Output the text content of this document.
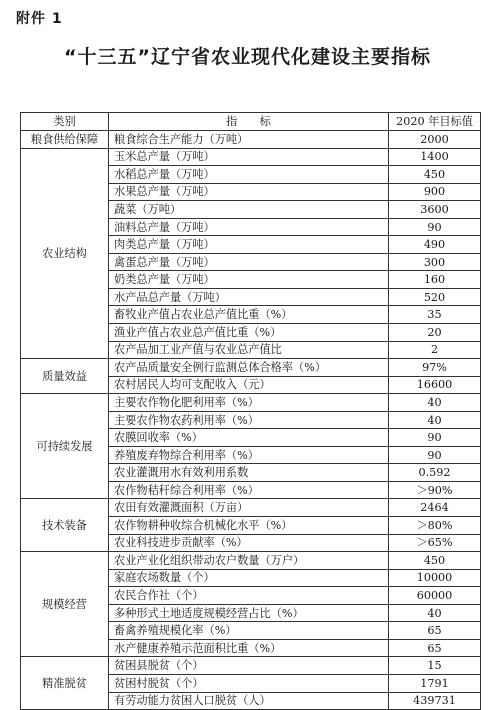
附件 1
“十三五”辽宁省农业现代化建设主要指标
类别	指　　标	2020 年目标值
粮食供给保障	粮食综合生产能力（万吨）	2000
农业结构	玉米总产量（万吨）	1400
	水稻总产量（万吨）	450
	水果总产量（万吨）	900
	蔬菜（万吨）	3600
	油料总产量（万吨）	90
	肉类总产量（万吨）	490
	禽蛋总产量（万吨）	300
	奶类总产量（万吨）	160
	水产品总产量（万吨）	520
	畜牧业产值占农业总产值比重（%）	35
	渔业产值占农业总产值比重（%）	20
	农产品加工业产值与农业总产值比	2
质量效益	农产品质量安全例行监测总体合格率（%）	97%
	农村居民人均可支配收入（元）	16600
可持续发展	主要农作物化肥利用率（%）	40
	主要农作物农药利用率（%）	40
	农膜回收率（%）	90
	养殖废弃物综合利用率（%）	90
	农业灌溉用水有效利用系数	0.592
	农作物秸秆综合利用率（%）	＞90%
技术装备	农田有效灌溉面积（万亩）	2464
	农作物耕种收综合机械化水平（%）	＞80%
	农业科技进步贡献率（%）	＞65%
规模经营	农业产业化组织带动农户数量（万户）	450
	家庭农场数量（个）	10000
	农民合作社（个）	60000
	多种形式土地适度规模经营占比（%）	40
	畜禽养殖规模化率（%）	65
	水产健康养殖示范面积比重（%）	65
精准脱贫	贫困县脱贫（个）	15
	贫困村脱贫（个）	1791
	有劳动能力贫困人口脱贫（人）	439731
